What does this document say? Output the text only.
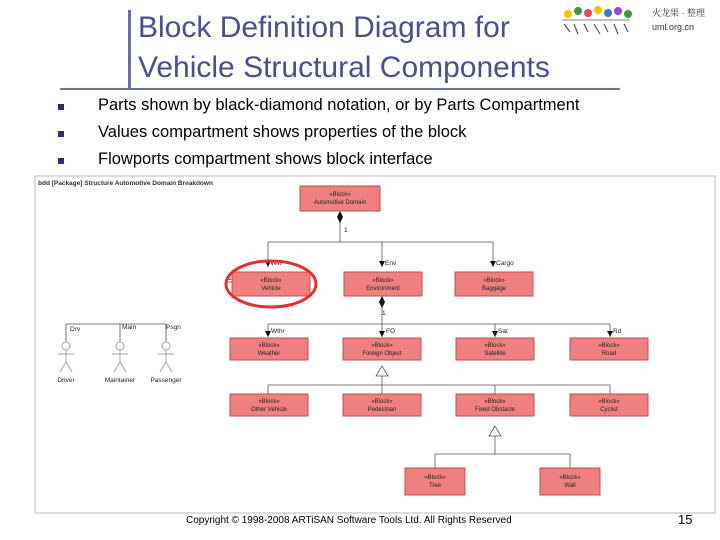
Block Definition Diagram for
Vehicle Structural Components
火龙果 · 整理
uml.org.cn
Parts shown by black-diamond notation, or by Parts Compartment
Values compartment shows properties of the block
Flowports compartment shows block interface
bdd [Package] Structure Automotive Domain Breakdown
1
Veh	Env	Cargo
1
Wthr	FO	Sat	Rd
Drv	Main	Psgn
1
«Block»
Automotive Domain
«Block»
Vehicle
«Block»
Environment
«Block»
Baggage
«Block»
Weather
«Block»
Foreign Object
«Block»
Satellite
«Block»
Road
«Block»
Other Vehicle
«Block»
Pedestrian
«Block»
Fixed Obstacle
«Block»
Cyclist
«Block»
Tree
«Block»
Wall
Driver	Maintainer Passenger
Copyright © 1998-2008 ARTiSAN Software Tools Ltd. All Rights Reserved	15
